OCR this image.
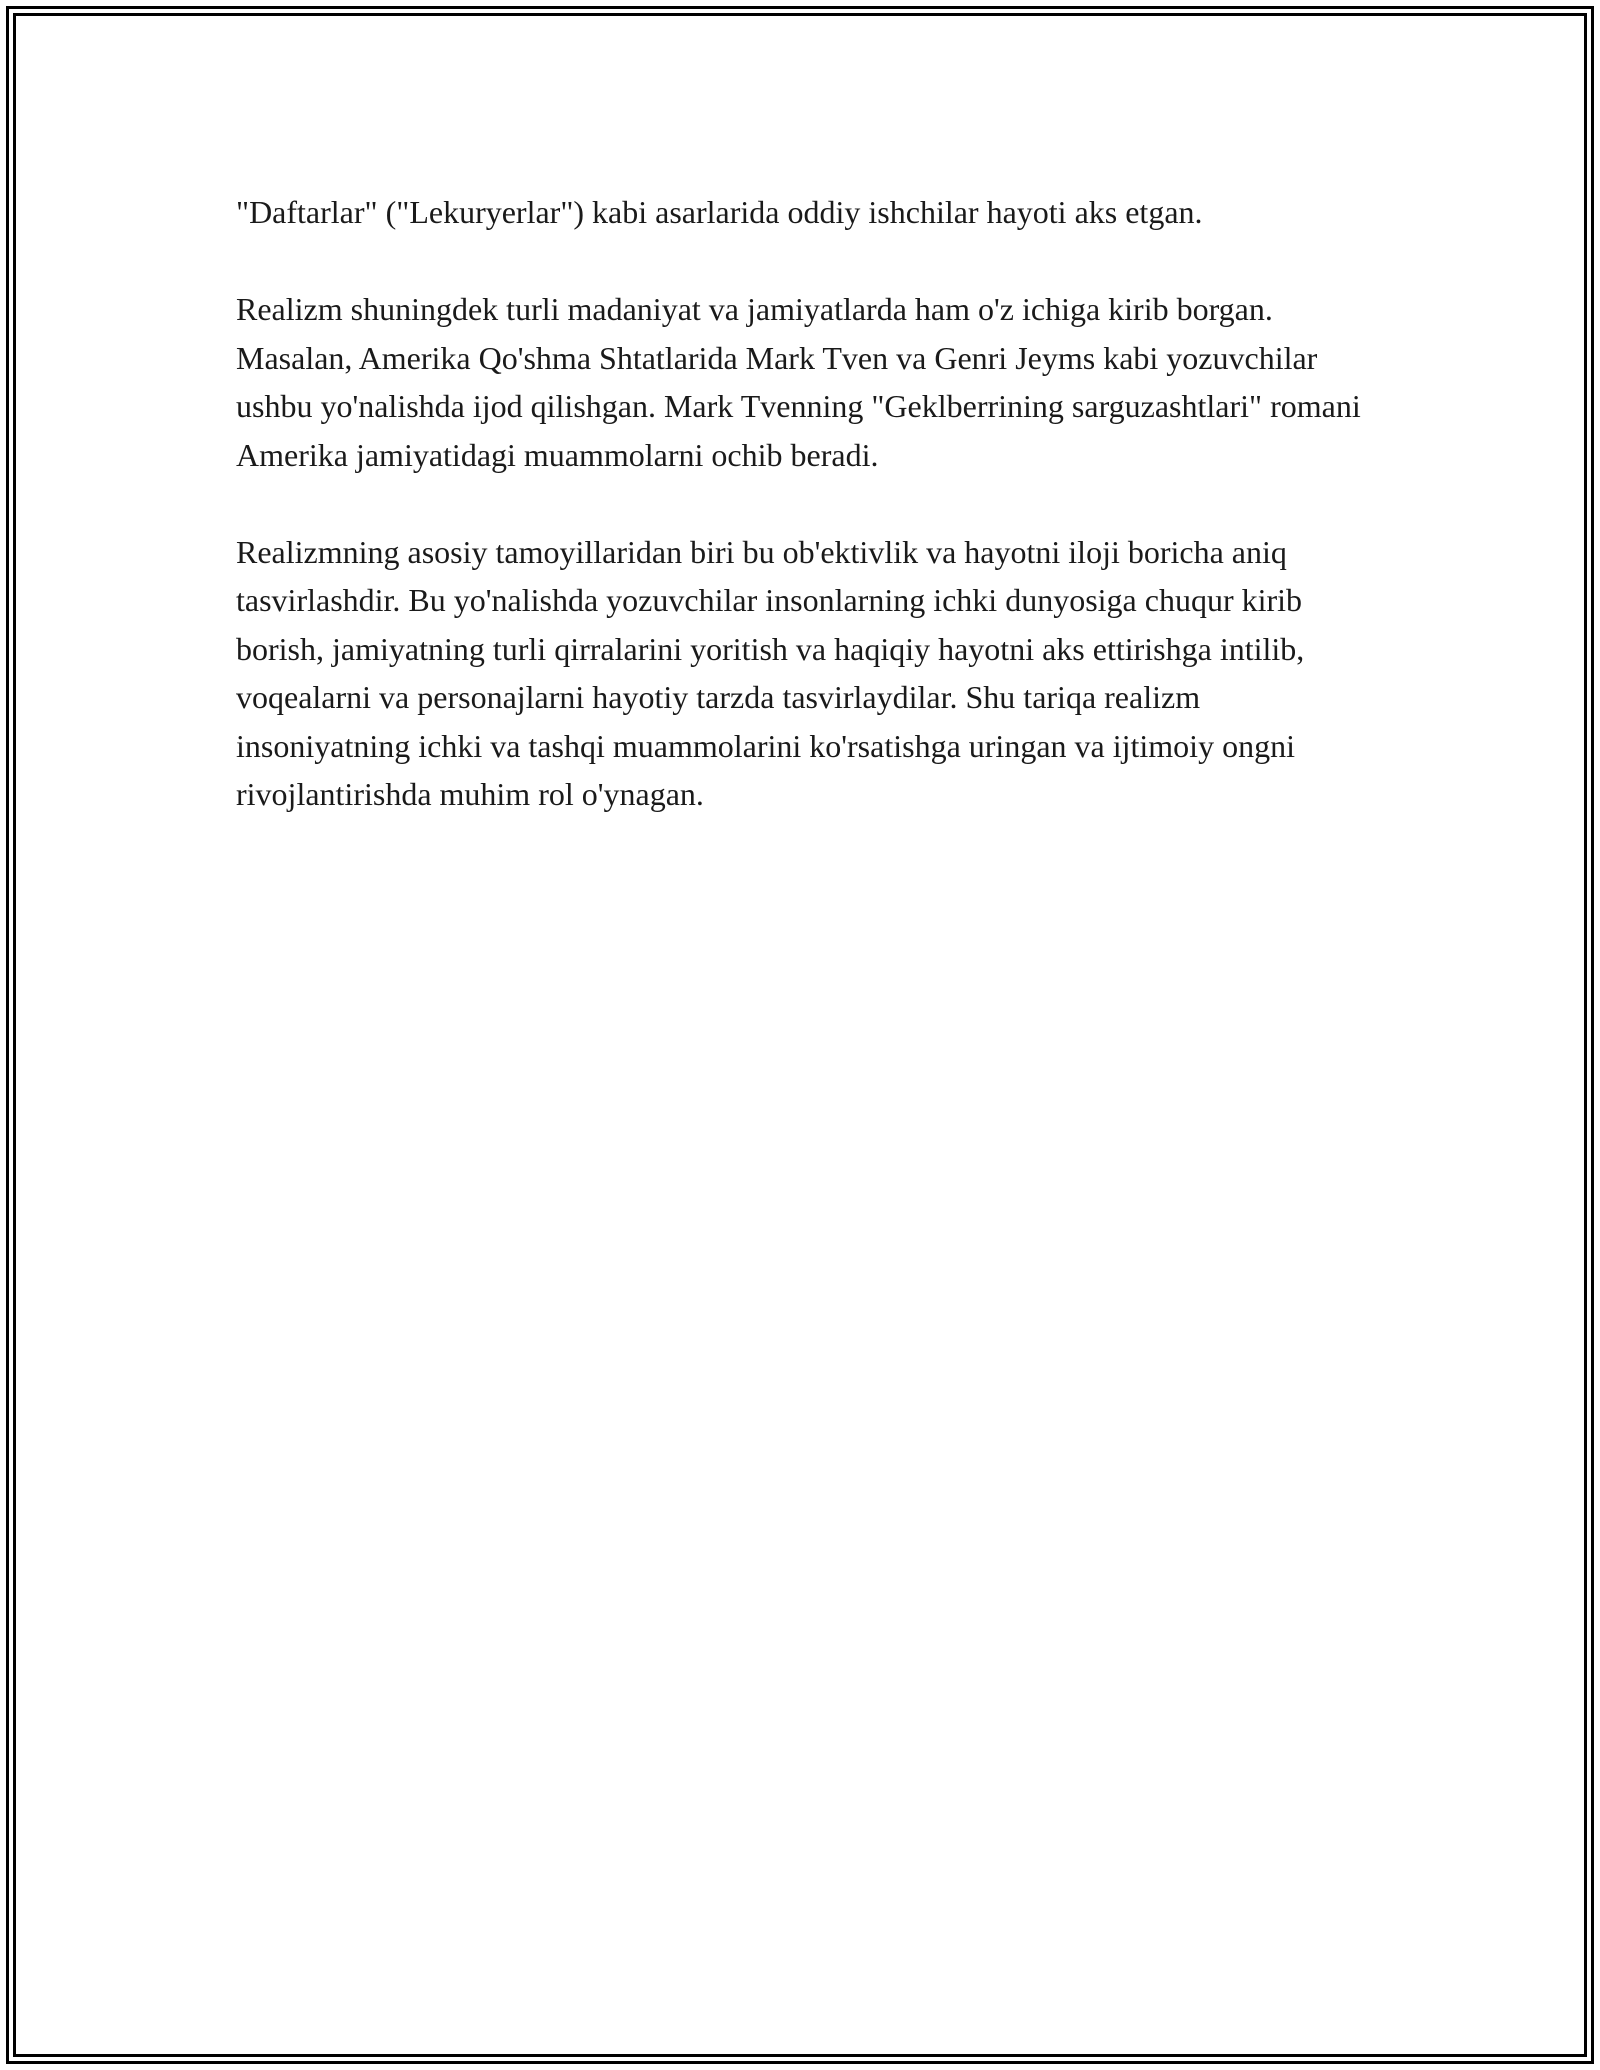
"Daftarlar" ("Lekuryerlar") kabi asarlarida oddiy ishchilar hayoti aks etgan.

Realizm shuningdek turli madaniyat va jamiyatlarda ham o'z ichiga kirib borgan. Masalan, Amerika Qo'shma Shtatlarida Mark Tven va Genri Jeyms kabi yozuvchilar ushbu yo'nalishda ijod qilishgan. Mark Tvenning "Geklberrining sarguzashtlari" romani Amerika jamiyatidagi muammolarni ochib beradi.

Realizmning asosiy tamoyillaridan biri bu ob'ektivlik va hayotni iloji boricha aniq tasvirlashdir. Bu yo'nalishda yozuvchilar insonlarning ichki dunyosiga chuqur kirib borish, jamiyatning turli qirralarini yoritish va haqiqiy hayotni aks ettirishga intilib, voqealarni va personajlarni hayotiy tarzda tasvirlaydilar. Shu tariqa realizm insoniyatning ichki va tashqi muammolarini ko'rsatishga uringan va ijtimoiy ongni rivojlantirishda muhim rol o'ynagan.
